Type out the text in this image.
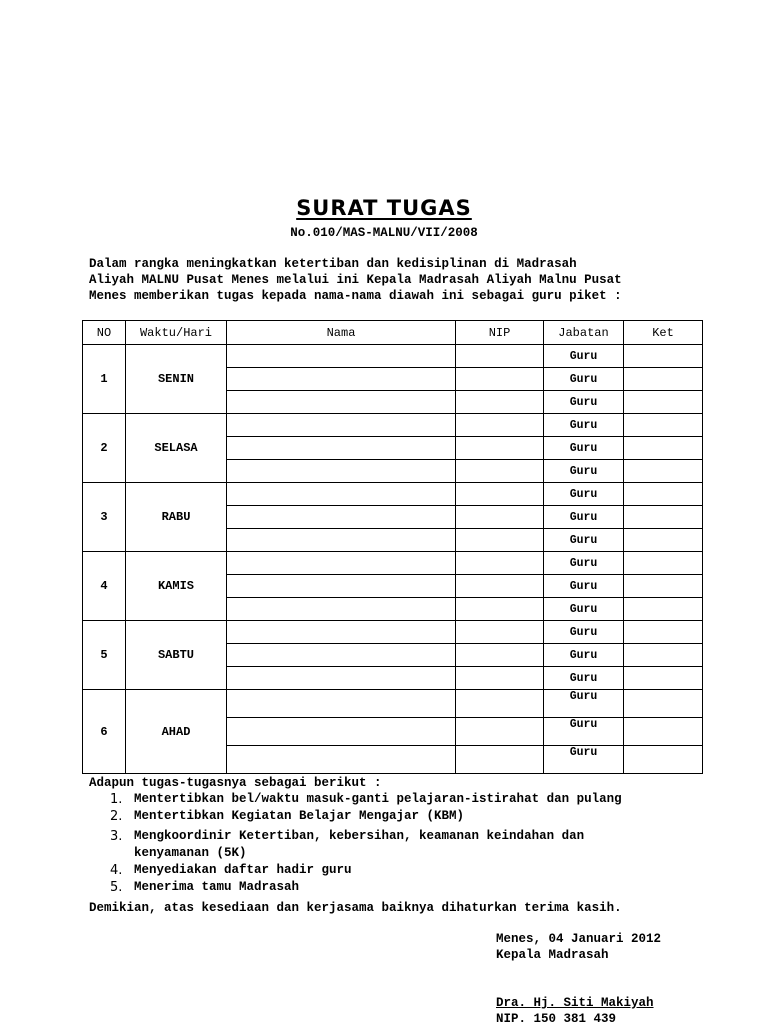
SURAT TUGAS
No.010/MAS-MALNU/VII/2008

Dalam rangka meningkatkan ketertiban dan kedisiplinan di Madrasah

Aliyah MALNU Pusat Menes melalui ini Kepala Madrasah Aliyah Malnu Pusat

Menes memberikan tugas kepada nama-nama diawah ini sebagai guru piket :

NO	Waktu/Hari	Nama	NIP	Jabatan	Ket
1	SENIN			Guru	
				Guru	
				Guru	
2	SELASA			Guru	
				Guru	
				Guru	
3	RABU			Guru	
				Guru	
				Guru	
4	KAMIS			Guru	
				Guru	
				Guru	
5	SABTU			Guru	
				Guru	
				Guru	
6	AHAD			Guru	
				Guru	
				Guru	
Adapun tugas-tugasnya sebagai berikut :
1. Mentertibkan bel/waktu masuk-ganti pelajaran-istirahat dan pulang
2. Mentertibkan Kegiatan Belajar Mengajar (KBM)
3. Mengkoordinir Ketertiban, kebersihan, keamanan keindahan dan kenyamanan (5K)
4. Menyediakan daftar hadir guru
5. Menerima tamu Madrasah
Demikian, atas kesediaan dan kerjasama baiknya dihaturkan terima kasih.
Menes, 04 Januari 2012
Kepala Madrasah
Dra. Hj. Siti Makiyah
NIP. 150 381 439
